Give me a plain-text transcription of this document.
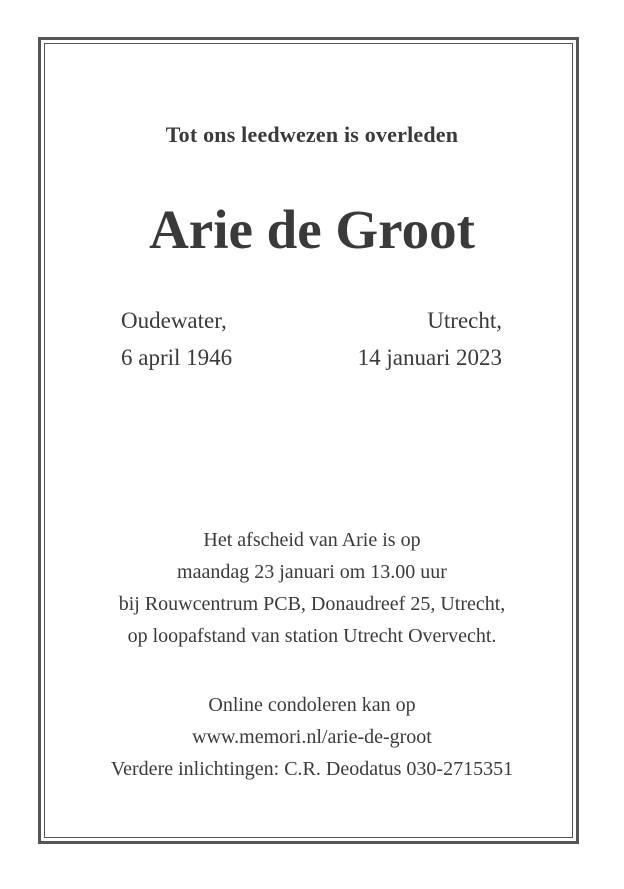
Tot ons leedwezen is overleden
Arie de Groot
Oudewater,
6 april 1946
Utrecht,
14 januari 2023
Het afscheid van Arie is op
maandag 23 januari om 13.00 uur
bij Rouwcentrum PCB, Donaudreef 25, Utrecht,
op loopafstand van station Utrecht Overvecht.
Online condoleren kan op
www.memori.nl/arie-de-groot
Verdere inlichtingen: C.R. Deodatus 030-2715351
